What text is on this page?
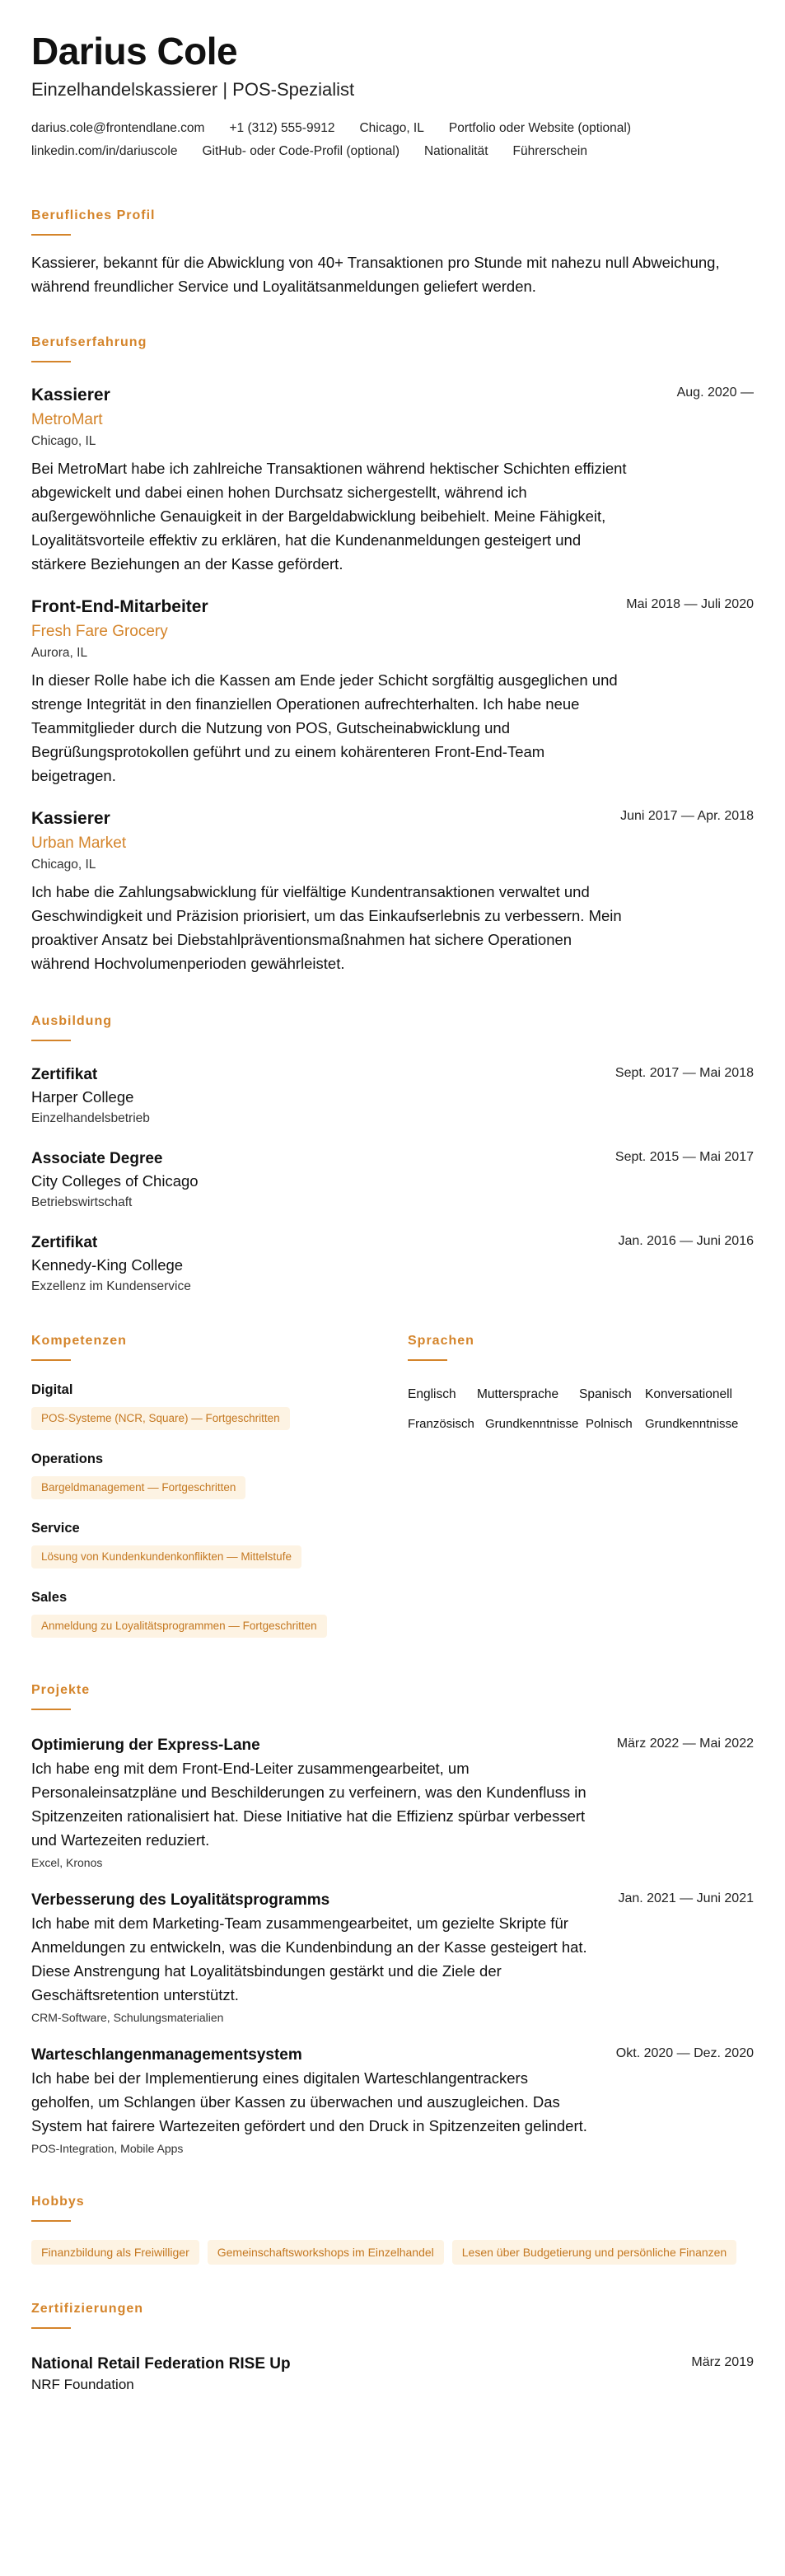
Darius Cole
Einzelhandelskassierer | POS-Spezialist
darius.cole@frontendlane.com +1 (312) 555-9912 Chicago, IL Portfolio oder Website (optional)
linkedin.com/in/dariuscole GitHub- oder Code-Profil (optional) Nationalität Führerschein
Berufliches Profil
Kassierer, bekannt für die Abwicklung von 40+ Transaktionen pro Stunde mit nahezu null Abweichung, während freundlicher Service und Loyalitätsanmeldungen geliefert werden.
Berufserfahrung
Kassierer	Aug. 2020 —
MetroMart
Chicago, IL
Bei MetroMart habe ich zahlreiche Transaktionen während hektischer Schichten effizient abgewickelt und dabei einen hohen Durchsatz sichergestellt, während ich außergewöhnliche Genauigkeit in der Bargeldabwicklung beibehielt. Meine Fähigkeit, Loyalitätsvorteile effektiv zu erklären, hat die Kundenanmeldungen gesteigert und stärkere Beziehungen an der Kasse gefördert.
Front-End-Mitarbeiter	Mai 2018 — Juli 2020
Fresh Fare Grocery
Aurora, IL
In dieser Rolle habe ich die Kassen am Ende jeder Schicht sorgfältig ausgeglichen und strenge Integrität in den finanziellen Operationen aufrechterhalten. Ich habe neue Teammitglieder durch die Nutzung von POS, Gutscheinabwicklung und Begrüßungsprotokollen geführt und zu einem kohärenteren Front-End-Team beigetragen.
Kassierer	Juni 2017 — Apr. 2018
Urban Market
Chicago, IL
Ich habe die Zahlungsabwicklung für vielfältige Kundentransaktionen verwaltet und Geschwindigkeit und Präzision priorisiert, um das Einkaufserlebnis zu verbessern. Mein proaktiver Ansatz bei Diebstahlpräventionsmaßnahmen hat sichere Operationen während Hochvolumenperioden gewährleistet.
Ausbildung
Zertifikat	Sept. 2017 — Mai 2018
Harper College
Einzelhandelsbetrieb
Associate Degree	Sept. 2015 — Mai 2017
City Colleges of Chicago
Betriebswirtschaft
Zertifikat	Jan. 2016 — Juni 2016
Kennedy-King College
Exzellenz im Kundenservice
Kompetenzen
Digital
POS-Systeme (NCR, Square) — Fortgeschritten
Operations
Bargeldmanagement — Fortgeschritten
Service
Lösung von Kundenkundenkonflikten — Mittelstufe
Sales
Anmeldung zu Loyalitätsprogrammen — Fortgeschritten
Sprachen
Englisch	Muttersprache	Spanisch	Konversationell
Französisch Grundkenntnisse Polnisch	Grundkenntnisse
Projekte
Optimierung der Express-Lane	März 2022 — Mai 2022
Ich habe eng mit dem Front-End-Leiter zusammengearbeitet, um Personaleinsatzpläne und Beschilderungen zu verfeinern, was den Kundenfluss in Spitzenzeiten rationalisiert hat. Diese Initiative hat die Effizienz spürbar verbessert und Wartezeiten reduziert.
Excel, Kronos
Verbesserung des Loyalitätsprogramms	Jan. 2021 — Juni 2021
Ich habe mit dem Marketing-Team zusammengearbeitet, um gezielte Skripte für Anmeldungen zu entwickeln, was die Kundenbindung an der Kasse gesteigert hat. Diese Anstrengung hat Loyalitätsbindungen gestärkt und die Ziele der Geschäftsretention unterstützt.
CRM-Software, Schulungsmaterialien
Warteschlangenmanagementsystem	Okt. 2020 — Dez. 2020
Ich habe bei der Implementierung eines digitalen Warteschlangentrackers geholfen, um Schlangen über Kassen zu überwachen und auszugleichen. Das System hat fairere Wartezeiten gefördert und den Druck in Spitzenzeiten gelindert.
POS-Integration, Mobile Apps
Hobbys
Finanzbildung als Freiwilliger	Gemeinschaftsworkshops im Einzelhandel	Lesen über Budgetierung und persönliche Finanzen
Zertifizierungen
National Retail Federation RISE Up	März 2019
NRF Foundation
